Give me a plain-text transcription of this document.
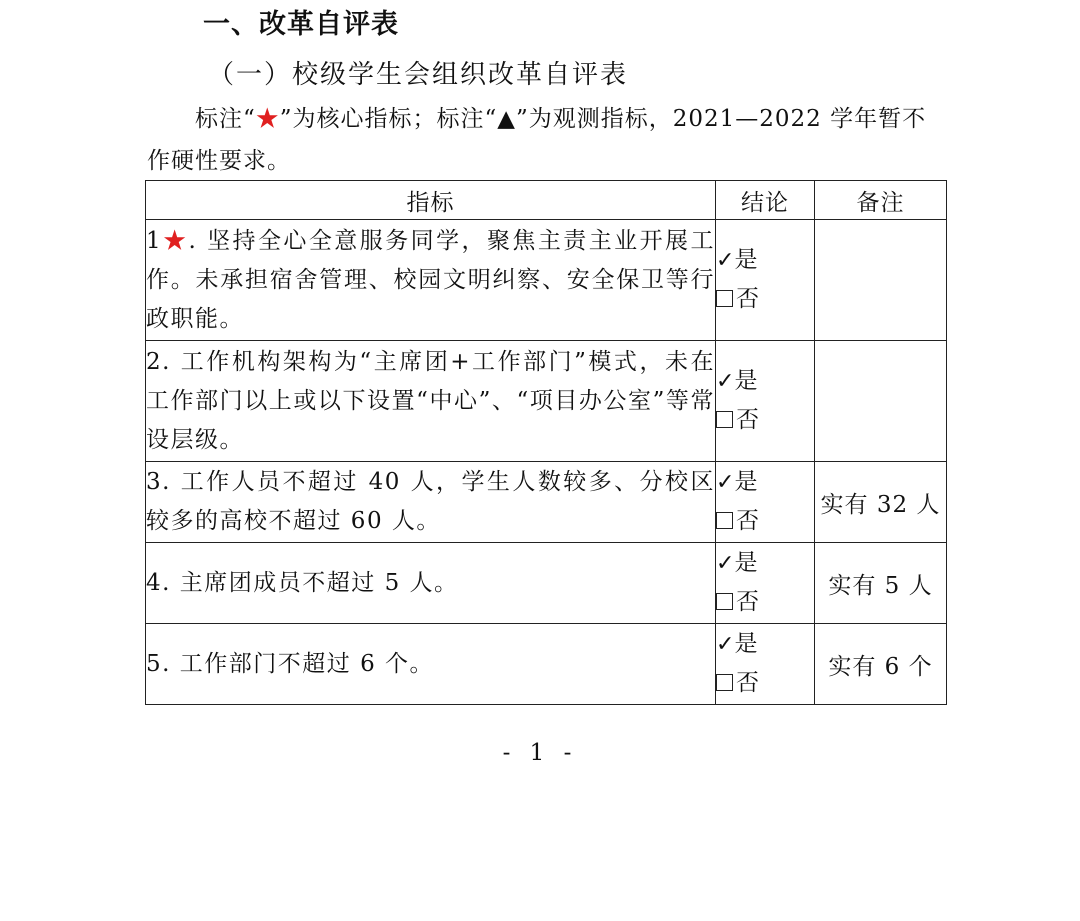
一、改革自评表
（一）校级学生会组织改革自评表
标注“★”为核心指标；标注“▲”为观测指标，2021—2022 学年暂不作硬性要求。
指标	结论	备注
1★. 坚持全心全意服务同学，聚焦主责主业开展工作。未承担宿舍管理、校园文明纠察、安全保卫等行政职能。	✓是
否	

2. 工作机构架构为“主席团+工作部门”模式，未在工作部门以上或以下设置“中心”、“项目办公室”等常设层级。	✓是
否	

3. 工作人员不超过 40 人，学生人数较多、分校区较多的高校不超过 60 人。	✓是
否	实有 32 人
4. 主席团成员不超过 5 人。	✓是
否	实有 5 人
5. 工作部门不超过 6 个。	✓是
否	实有 6 个
- 1 -
